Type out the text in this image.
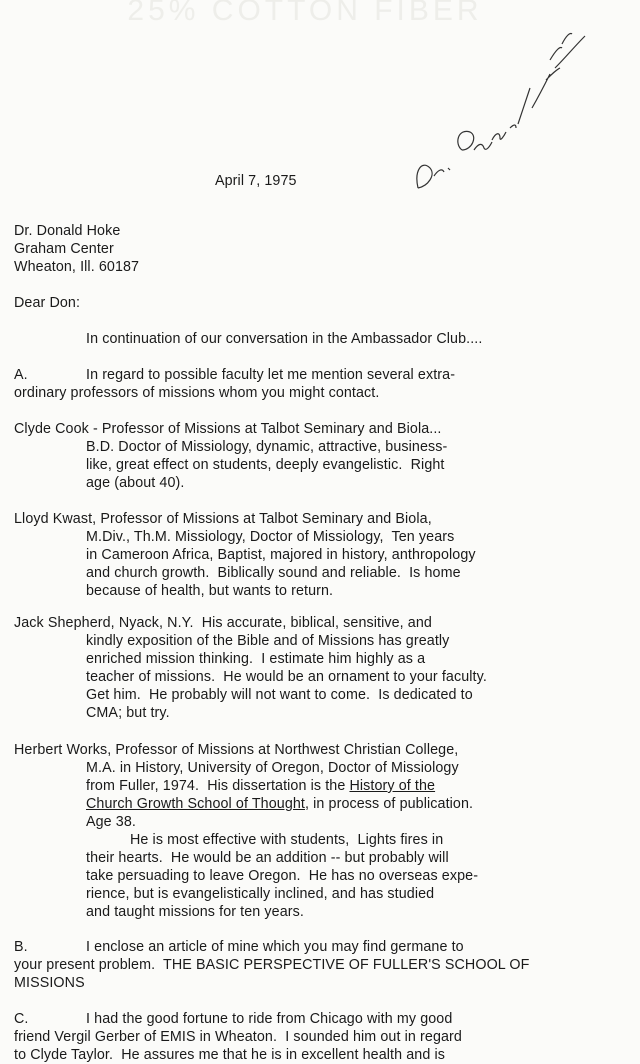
25% COTTON FIBER
April 7, 1975
Dr. Donald Hoke
Graham Center
Wheaton, Ill. 60187
Dear Don:
In continuation of our conversation in the Ambassador Club....
A.	In regard to possible faculty let me mention several extra-
ordinary professors of missions whom you might contact.
Clyde Cook - Professor of Missions at Talbot Seminary and Biola...
B.D. Doctor of Missiology, dynamic, attractive, business-
like, great effect on students, deeply evangelistic.  Right
age (about 40).
Lloyd Kwast, Professor of Missions at Talbot Seminary and Biola,
M.Div., Th.M. Missiology, Doctor of Missiology,  Ten years
in Cameroon Africa, Baptist, majored in history, anthropology
and church growth.  Biblically sound and reliable.  Is home
because of health, but wants to return.
Jack Shepherd, Nyack, N.Y.  His accurate, biblical, sensitive, and
kindly exposition of the Bible and of Missions has greatly
enriched mission thinking.  I estimate him highly as a
teacher of missions.  He would be an ornament to your faculty.
Get him.  He probably will not want to come.  Is dedicated to
CMA; but try.
Herbert Works, Professor of Missions at Northwest Christian College,
M.A. in History, University of Oregon, Doctor of Missiology
from Fuller, 1974.  His dissertation is the History of the
Church Growth School of Thought, in process of publication.
Age 38.
He is most effective with students,  Lights fires in
their hearts.  He would be an addition -- but probably will
take persuading to leave Oregon.  He has no overseas expe-
rience, but is evangelistically inclined, and has studied
and taught missions for ten years.
B.	I enclose an article of mine which you may find germane to
your present problem.  THE BASIC PERSPECTIVE OF FULLER'S SCHOOL OF
MISSIONS
C.	I had the good fortune to ride from Chicago with my good
friend Vergil Gerber of EMIS in Wheaton.  I sounded him out in regard
to Clyde Taylor.  He assures me that he is in excellent health and is
